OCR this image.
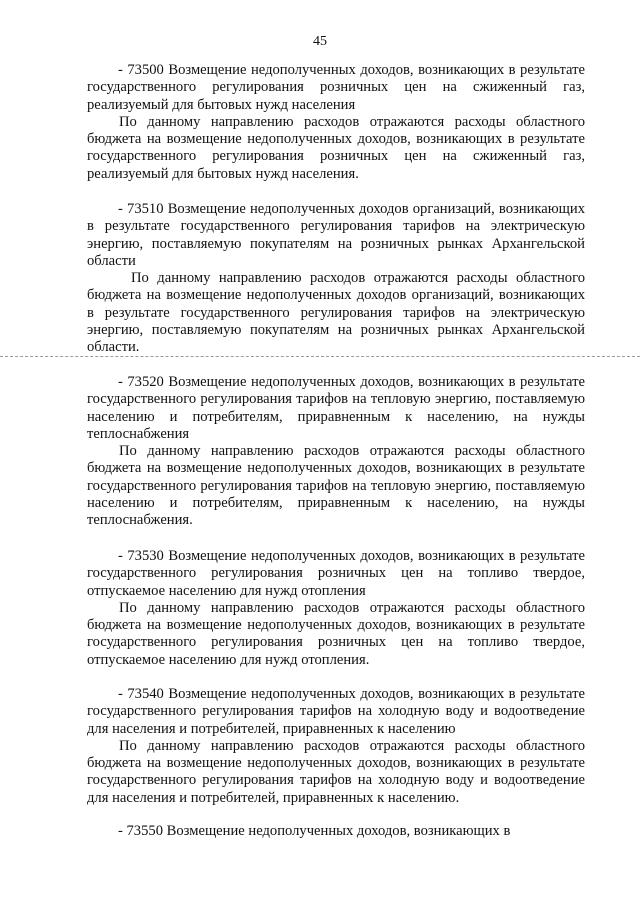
45

- 73500 Возмещение недополученных доходов, возникающих в результате государственного регулирования розничных цен на сжиженный газ, реализуемый для бытовых нужд населения

По данному направлению расходов отражаются расходы областного бюджета на возмещение недополученных доходов, возникающих в результате государственного регулирования розничных цен на сжиженный газ, реализуемый для бытовых нужд населения.

- 73510 Возмещение недополученных доходов организаций, возникающих в результате государственного регулирования тарифов на электрическую энергию, поставляемую покупателям на розничных рынках Архангельской области

По данному направлению расходов отражаются расходы областного бюджета на возмещение недополученных доходов организаций, возникающих в результате государственного регулирования тарифов на электрическую энергию, поставляемую покупателям на розничных рынках Архангельской области.

- 73520 Возмещение недополученных доходов, возникающих в результате государственного регулирования тарифов на тепловую энергию, поставляемую населению и потребителям, приравненным к населению, на нужды теплоснабжения

По данному направлению расходов отражаются расходы областного бюджета на возмещение недополученных доходов, возникающих в результате государственного регулирования тарифов на тепловую энергию, поставляемую населению и потребителям, приравненным к населению, на нужды теплоснабжения.

- 73530 Возмещение недополученных доходов, возникающих в результате государственного регулирования розничных цен на топливо твердое, отпускаемое населению для нужд отопления

По данному направлению расходов отражаются расходы областного бюджета на возмещение недополученных доходов, возникающих в результате государственного регулирования розничных цен на топливо твердое, отпускаемое населению для нужд отопления.

- 73540 Возмещение недополученных доходов, возникающих в результате государственного регулирования тарифов на холодную воду и водоотведение для населения и потребителей, приравненных к населению

По данному направлению расходов отражаются расходы областного бюджета на возмещение недополученных доходов, возникающих в результате государственного регулирования тарифов на холодную воду и водоотведение для населения и потребителей, приравненных к населению.

- 73550 Возмещение недополученных доходов, возникающих в
